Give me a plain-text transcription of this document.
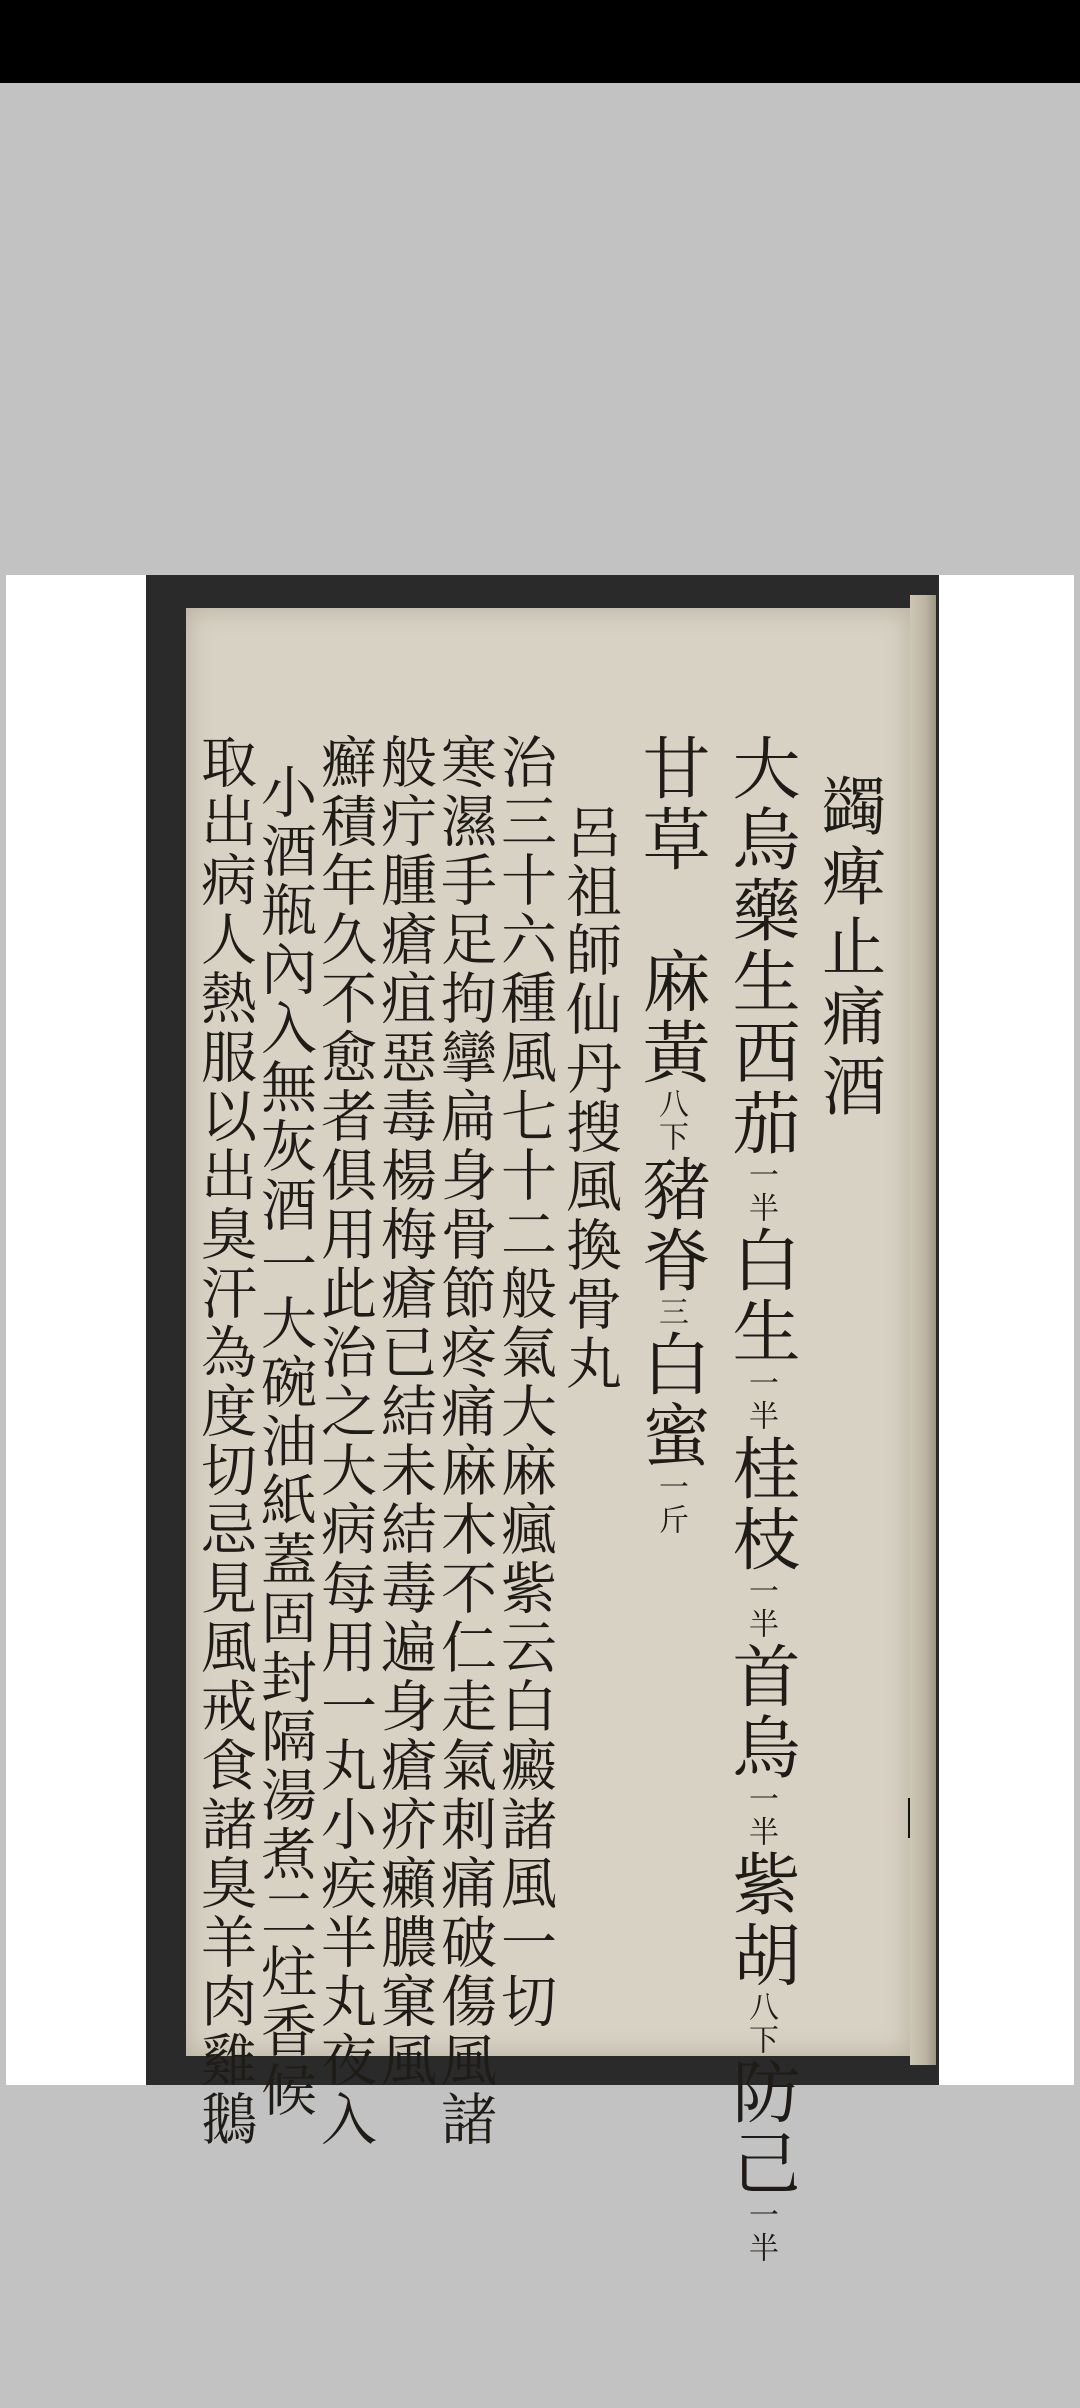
蠲痺止痛酒
大烏藥生西茄一半白生一半桂枝一半首烏一半紫胡八下防己一半
甘草　麻黃八下豬脊三白蜜一斤
呂祖師仙丹搜風換骨丸
治三十六種風七十二般氣大麻瘋紫云白癜諸風一切
寒濕手足拘攣扁身骨節疼痛麻木不仁走氣刺痛破傷風諸
般疔腫瘡疽惡毒楊梅瘡已結未結毒遍身瘡疥癩膿窠風
癬積年久不愈者俱用此治之大病每用一丸小疾半丸夜入
小酒瓶內入無灰酒一大碗油紙蓋固封隔湯煮二炷香候
取出病人熱服以出臭汗為度切忌見風戒食諸臭羊肉雞鵝
